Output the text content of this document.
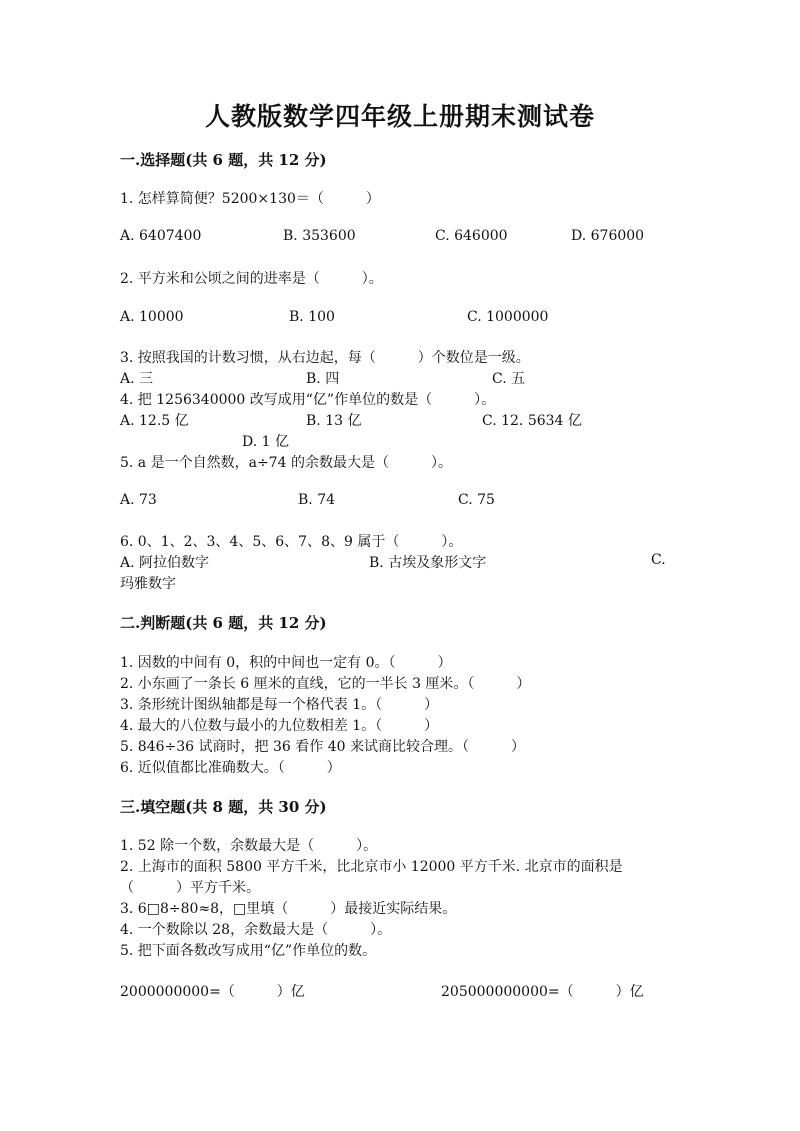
人教版数学四年级上册期末测试卷
一.选择题(共 6 题，共 12 分)
1. 怎样算简便？5200×130＝（　　　）
A. 6407400	B. 353600	C. 646000	D. 676000
2. 平方米和公顷之间的进率是（　　　）。
A. 10000	B. 100	C. 1000000
3. 按照我国的计数习惯，从右边起，每（　　　）个数位是一级。
A. 三	B. 四	C. 五
4. 把 1256340000 改写成用“亿”作单位的数是（　　　）。
A. 12.5 亿	B. 13 亿	C. 12. 5634 亿
D. 1 亿
5. a 是一个自然数，a÷74 的余数最大是（　　　）。
A. 73	B. 74	C. 75
6. 0、1、2、3、4、5、6、7、8、9 属于（　　　）。
A. 阿拉伯数字	B. 古埃及象形文字	C.
玛雅数字
二.判断题(共 6 题，共 12 分)
1. 因数的中间有 0，积的中间也一定有 0。（　　　）
2. 小东画了一条长 6 厘米的直线，它的一半长 3 厘米。（　　　）
3. 条形统计图纵轴都是每一个格代表 1。（　　　）
4. 最大的八位数与最小的九位数相差 1。（　　　）
5. 846÷36 试商时，把 36 看作 40 来试商比较合理。（　　　）
6. 近似值都比准确数大。（　　　）
三.填空题(共 8 题，共 30 分)
1. 52 除一个数，余数最大是（　　　）。
2. 上海市的面积 5800 平方千米，比北京市小 12000 平方千米. 北京市的面积是
（　　　）平方千米。
3. 6□8÷80≈8，□里填（　　　）最接近实际结果。
4. 一个数除以 28，余数最大是（　　　）。
5. 把下面各数改写成用“亿”作单位的数。
2000000000=（　　　）亿	205000000000=（　　　）亿
